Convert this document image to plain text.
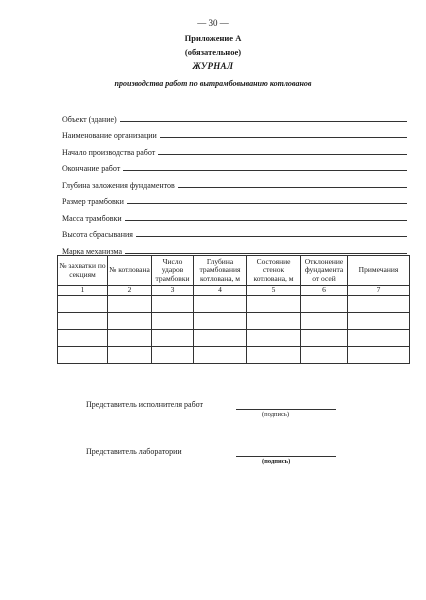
— 30 —
Приложение А
(обязательное)
ЖУРНАЛ
производства работ по вытрамбовыванию котлованов
Объект (здание)
Наименование организации
Начало производства работ
Окончание работ
Глубина заложения фундаментов
Размер трамбовки
Масса трамбовки
Высота сбрасывания
Марка механизма
№ захватки по секциям	№ котлована	Число ударов трамбовки	Глубина трамбования котлована, м	Состояние стенок котлована, м	Отклонение фундамента от осей	Примечания
1	2	3	4	5	6	7

Представитель исполнителя работ
(подпись)
Представитель лаборатории
(подпись)
